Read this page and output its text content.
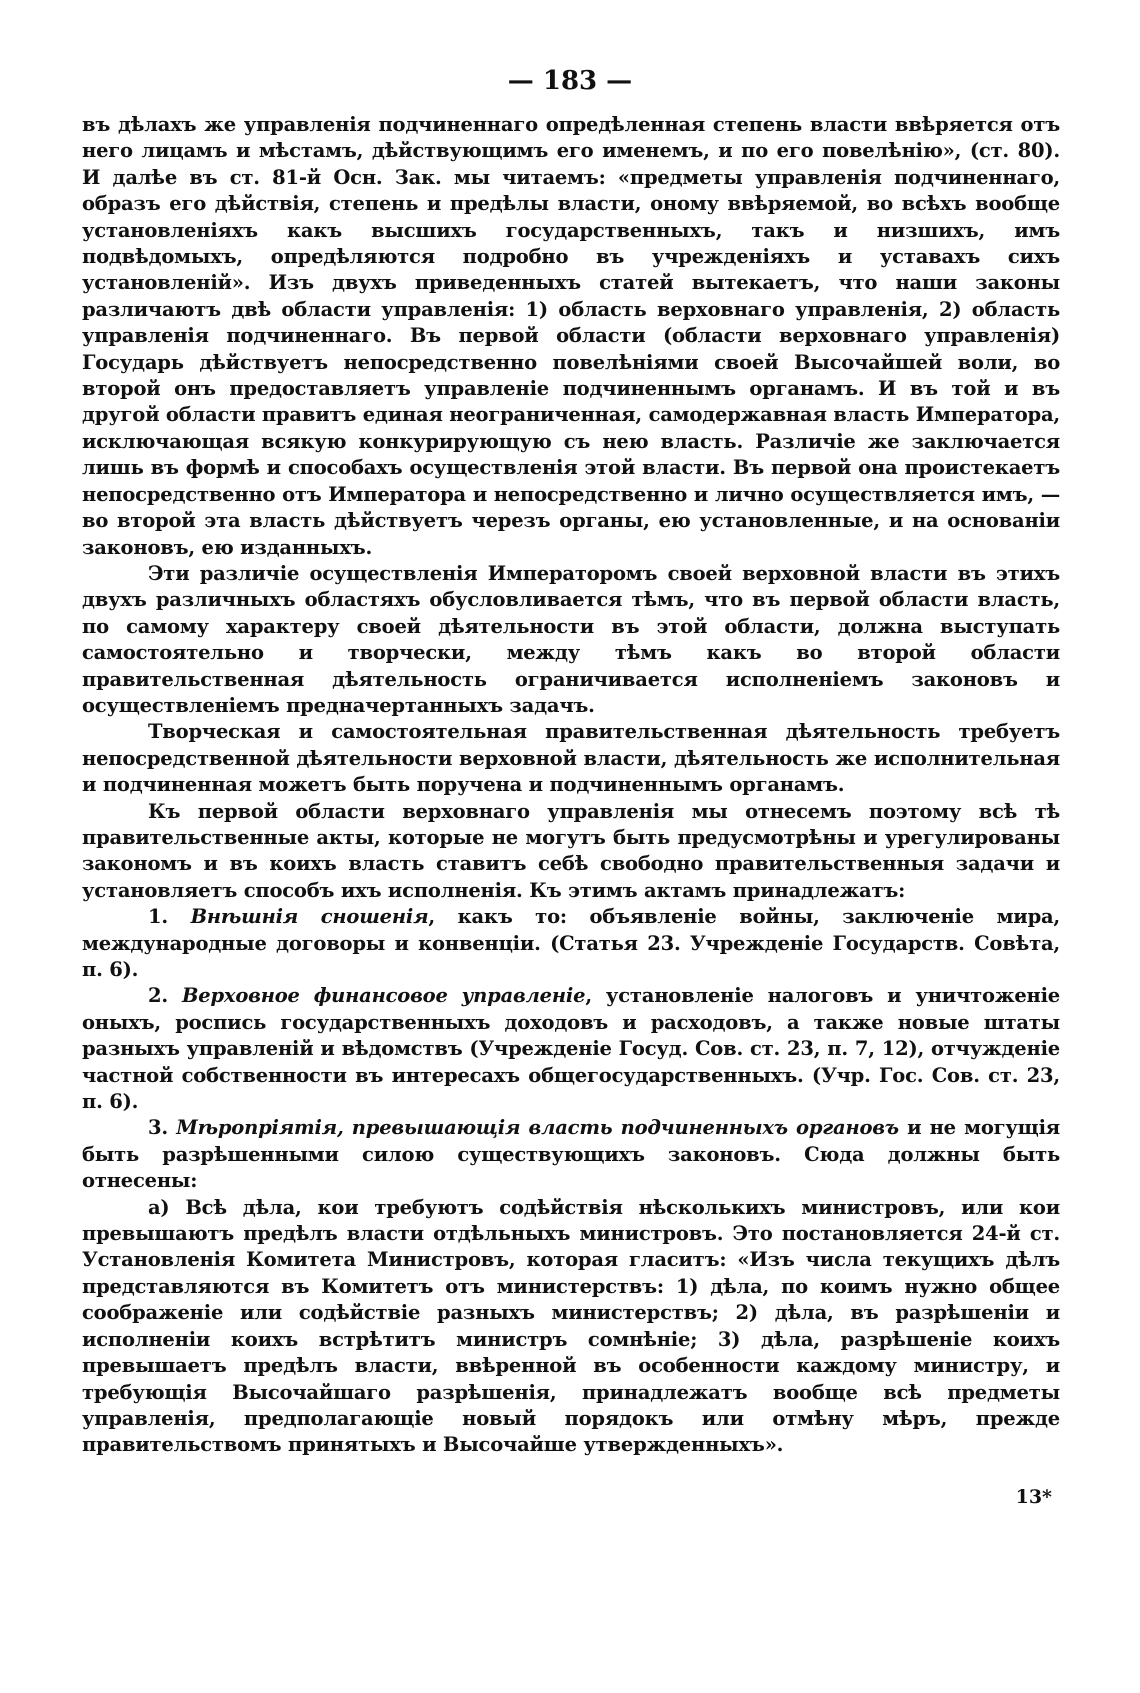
— 183 —

въ дѣлахъ же управленія подчиненнаго опредѣленная степень власти ввѣряется отъ него лицамъ и мѣстамъ, дѣйствующимъ его именемъ, и по его повелѣнію», (ст. 80). И далѣе въ ст. 81-й Осн. Зак. мы читаемъ: «предметы управленія подчиненнаго, образъ его дѣйствія, степень и предѣлы власти, оному ввѣряемой, во всѣхъ вообще установленіяхъ какъ высшихъ государственныхъ, такъ и низшихъ, имъ подвѣдомыхъ, опредѣляются подробно въ учрежденіяхъ и уставахъ сихъ установленій». Изъ двухъ приведенныхъ статей вытекаетъ, что наши законы различаютъ двѣ области управленія: 1) область верховнаго управленія, 2) область управленія подчиненнаго. Въ первой области (области верховнаго управленія) Государь дѣйствуетъ непосредственно повелѣніями своей Высочайшей воли, во второй онъ предоставляетъ управленіе подчиненнымъ органамъ. И въ той и въ другой области правитъ единая неограниченная, самодержавная власть Императора, исключающая всякую конкурирующую съ нею власть. Различіе же заключается лишь въ формѣ и способахъ осуществленія этой власти. Въ первой она проистекаетъ непосредственно отъ Императора и непосредственно и лично осуществляется имъ, — во второй эта власть дѣйствуетъ черезъ органы, ею установленные, и на основаніи законовъ, ею изданныхъ.

Эти различіе осуществленія Императоромъ своей верховной власти въ этихъ двухъ различныхъ областяхъ обусловливается тѣмъ, что въ первой области власть, по самому характеру своей дѣятельности въ этой области, должна выступать самостоятельно и творчески, между тѣмъ какъ во второй области правительственная дѣятельность ограничивается исполненіемъ законовъ и осуществленіемъ предначертанныхъ задачъ.

Творческая и самостоятельная правительственная дѣятельность требуетъ непосредственной дѣятельности верховной власти, дѣятельность же исполнительная и подчиненная можетъ быть поручена и подчиненнымъ органамъ.

Къ первой области верховнаго управленія мы отнесемъ поэтому всѣ тѣ правительственные акты, которые не могутъ быть предусмотрѣны и урегулированы закономъ и въ коихъ власть ставитъ себѣ свободно правительственныя задачи и установляетъ способъ ихъ исполненія. Къ этимъ актамъ принадлежатъ:

1. Внѣшнія сношенія, какъ то: объявленіе войны, заключеніе мира, международные договоры и конвенціи. (Статья 23. Учрежденіе Государств. Совѣта, п. 6).

2. Верховное финансовое управленіе, установленіе налоговъ и уничтоженіе оныхъ, роспись государственныхъ доходовъ и расходовъ, а также новые штаты разныхъ управленій и вѣдомствъ (Учрежденіе Госуд. Сов. ст. 23, п. 7, 12), отчужденіе частной собственности въ интересахъ общегосударственныхъ. (Учр. Гос. Сов. ст. 23, п. 6).

3. Мѣропріятія, превышающія власть подчиненныхъ органовъ и не могущія быть разрѣшенными силою существующихъ законовъ. Сюда должны быть отнесены:

а) Всѣ дѣла, кои требуютъ содѣйствія нѣсколькихъ министровъ, или кои превышаютъ предѣлъ власти отдѣльныхъ министровъ. Это постановляется 24-й ст. Установленія Комитета Министровъ, которая гласитъ: «Изъ числа текущихъ дѣлъ представляются въ Комитетъ отъ министерствъ: 1) дѣла, по коимъ нужно общее соображеніе или содѣйствіе разныхъ министерствъ; 2) дѣла, въ разрѣшеніи и исполненіи коихъ встрѣтитъ министръ сомнѣніе; 3) дѣла, разрѣшеніе коихъ превышаетъ предѣлъ власти, ввѣренной въ особенности каждому министру, и требующія Высочайшаго разрѣшенія, принадлежатъ вообще всѣ предметы управленія, предполагающіе новый порядокъ или отмѣну мѣръ, прежде правительствомъ принятыхъ и Высочайше утвержденныхъ».

13*
